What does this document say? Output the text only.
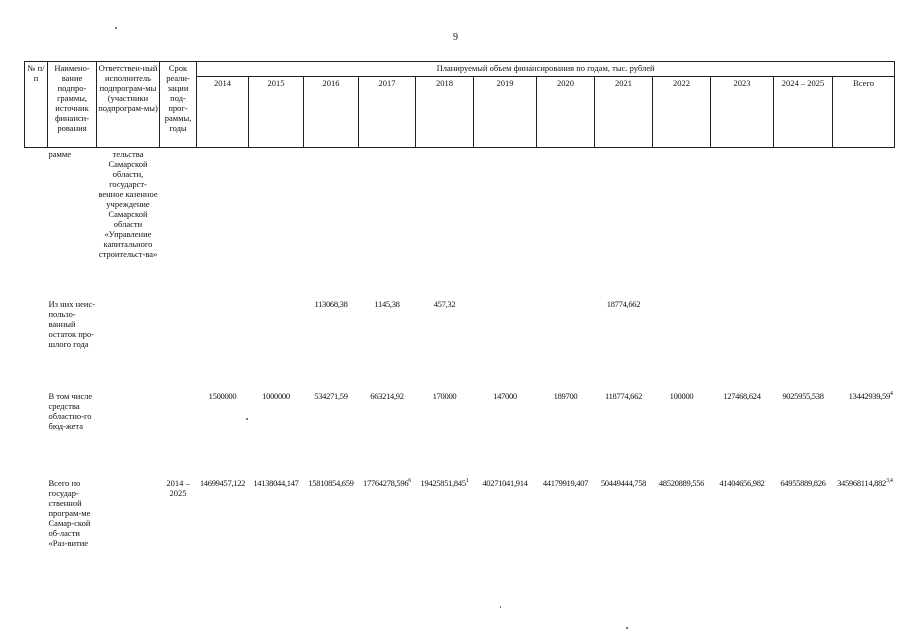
9
№ п/п	Наимено-вание подпро-граммы, источник финанси-рования	Ответствен-ный исполнитель подпрограм-мы (участники подпрограм-мы)	Срок реали-зации под-прог-раммы, годы	Планируемый объем финансирования по годам, тыс. рублей											
				2014	2015	2016	2017	2018	2019	2020	2021	2022	2023	2024 – 2025	Всего
	рамме	тельства Самарской области, государст-венное казенное учреждение Самарской области «Управление капитального строительст-ва»													
	Из них неис-пользо-ванный остаток про-шлого года					113068,38	1145,38	457,32			18774,662				
	В том числе средства областно-го бюд-жета			1500000	1000000	534271,59	663214,92	170000	147000	189700	118774,662	100000	127468,624	9025955,538	13442939,59$^4$
	Всего по государ-ственной програм-ме Самар-ской об-ласти «Раз-витие		2014 – 2025	14699457,122	14138044,147	15810854,659	17764278,596$^6$	19425851,845$^1$	40271041,914	44179919,407	50449444,758	48520889,556	41404656,982	64955889,826	345968114,882$^{3,4}$
